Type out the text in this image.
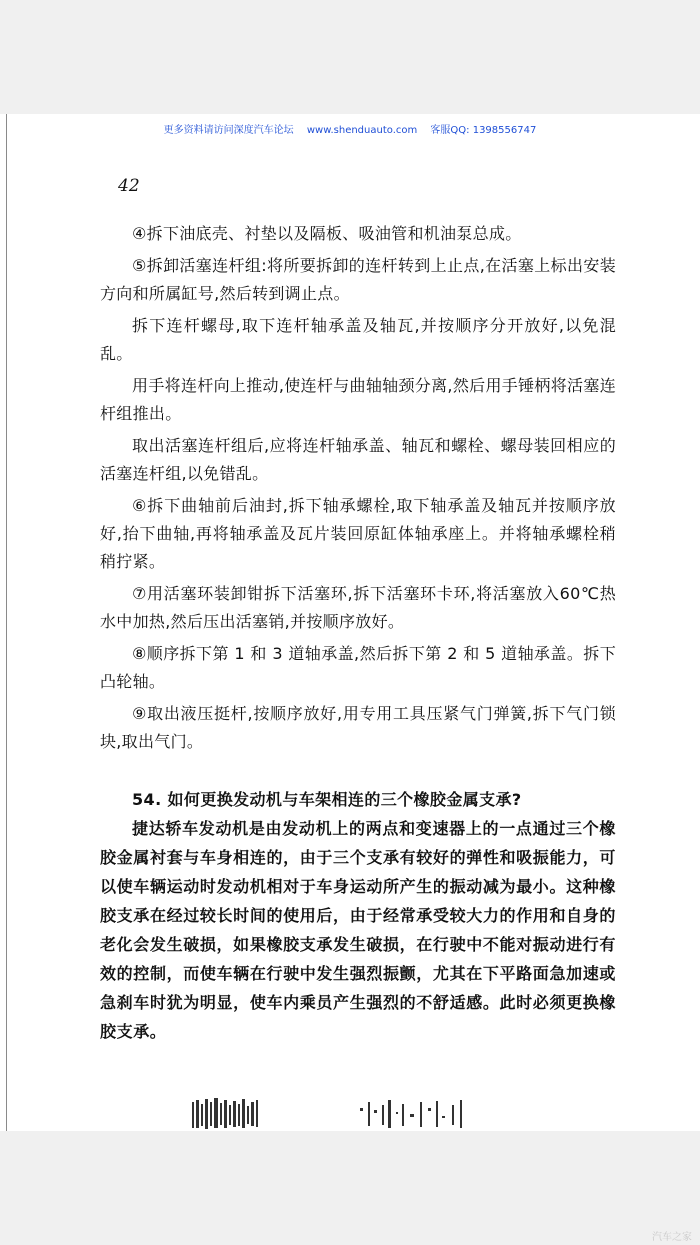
更多资料请访问深度汽车论坛 www.shenduauto.com 客服QQ: 1398556747
42

④拆下油底壳、衬垫以及隔板、吸油管和机油泵总成。

⑤拆卸活塞连杆组:将所要拆卸的连杆转到上止点,在活塞上标出安装方向和所属缸号,然后转到调止点。

拆下连杆螺母,取下连杆轴承盖及轴瓦,并按顺序分开放好,以免混乱。

用手将连杆向上推动,使连杆与曲轴轴颈分离,然后用手锤柄将活塞连杆组推出。

取出活塞连杆组后,应将连杆轴承盖、轴瓦和螺栓、螺母装回相应的活塞连杆组,以免错乱。

⑥拆下曲轴前后油封,拆下轴承螺栓,取下轴承盖及轴瓦并按顺序放好,抬下曲轴,再将轴承盖及瓦片装回原缸体轴承座上。并将轴承螺栓稍稍拧紧。

⑦用活塞环装卸钳拆下活塞环,拆下活塞环卡环,将活塞放入60℃热水中加热,然后压出活塞销,并按顺序放好。

⑧顺序拆下第 1 和 3 道轴承盖,然后拆下第 2 和 5 道轴承盖。拆下凸轮轴。

⑨取出液压挺杆,按顺序放好,用专用工具压紧气门弹簧,拆下气门锁块,取出气门。

54. 如何更换发动机与车架相连的三个橡胶金属支承?

捷达轿车发动机是由发动机上的两点和变速器上的一点通过三个橡胶金属衬套与车身相连的，由于三个支承有较好的弹性和吸振能力，可以使车辆运动时发动机相对于车身运动所产生的振动减为最小。这种橡胶支承在经过较长时间的使用后，由于经常承受较大力的作用和自身的老化会发生破损，如果橡胶支承发生破损，在行驶中不能对振动进行有效的控制，而使车辆在行驶中发生强烈振颤，尤其在下平路面急加速或急刹车时犹为明显，使车内乘员产生强烈的不舒适感。此时必须更换橡胶支承。

汽车之家
